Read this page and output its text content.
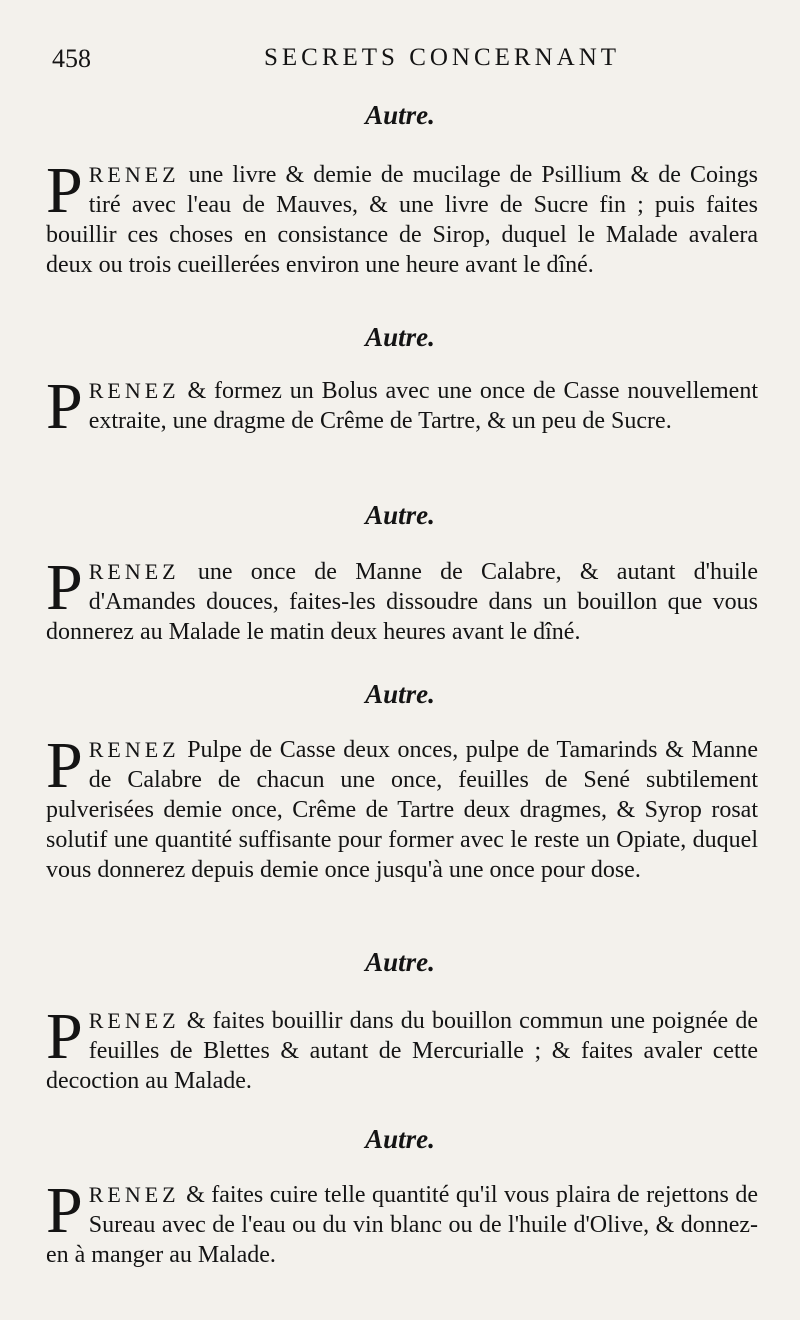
458	SECRETS CONCERNANT
Autre.
PRENEZ une livre & demie de mucilage de Psillium & de Coings tiré avec l'eau de Mauves, & une livre de Sucre fin ; puis faites bouillir ces choses en consistance de Sirop, duquel le Malade avalera deux ou trois cueillerées environ une heure avant le dîné.
Autre.
PRENEZ & formez un Bolus avec une once de Casse nouvellement extraite, une dragme de Crême de Tartre, & un peu de Sucre.
Autre.
PRENEZ une once de Manne de Calabre, & autant d'huile d'Amandes douces, faites-les dissoudre dans un bouillon que vous donnerez au Malade le matin deux heures avant le dîné.
Autre.
PRENEZ Pulpe de Casse deux onces, pulpe de Tamarinds & Manne de Calabre de chacun une once, feuilles de Sené subtilement pulverisées demie once, Crême de Tartre deux dragmes, & Syrop rosat solutif une quantité suffisante pour former avec le reste un Opiate, duquel vous donnerez depuis demie once jusqu'à une once pour dose.
Autre.
PRENEZ & faites bouillir dans du bouillon commun une poignée de feuilles de Blettes & autant de Mercurialle ; & faites avaler cette decoction au Malade.
Autre.
PRENEZ & faites cuire telle quantité qu'il vous plaira de rejettons de Sureau avec de l'eau ou du vin blanc ou de l'huile d'Olive, & donnez-en à manger au Malade.
